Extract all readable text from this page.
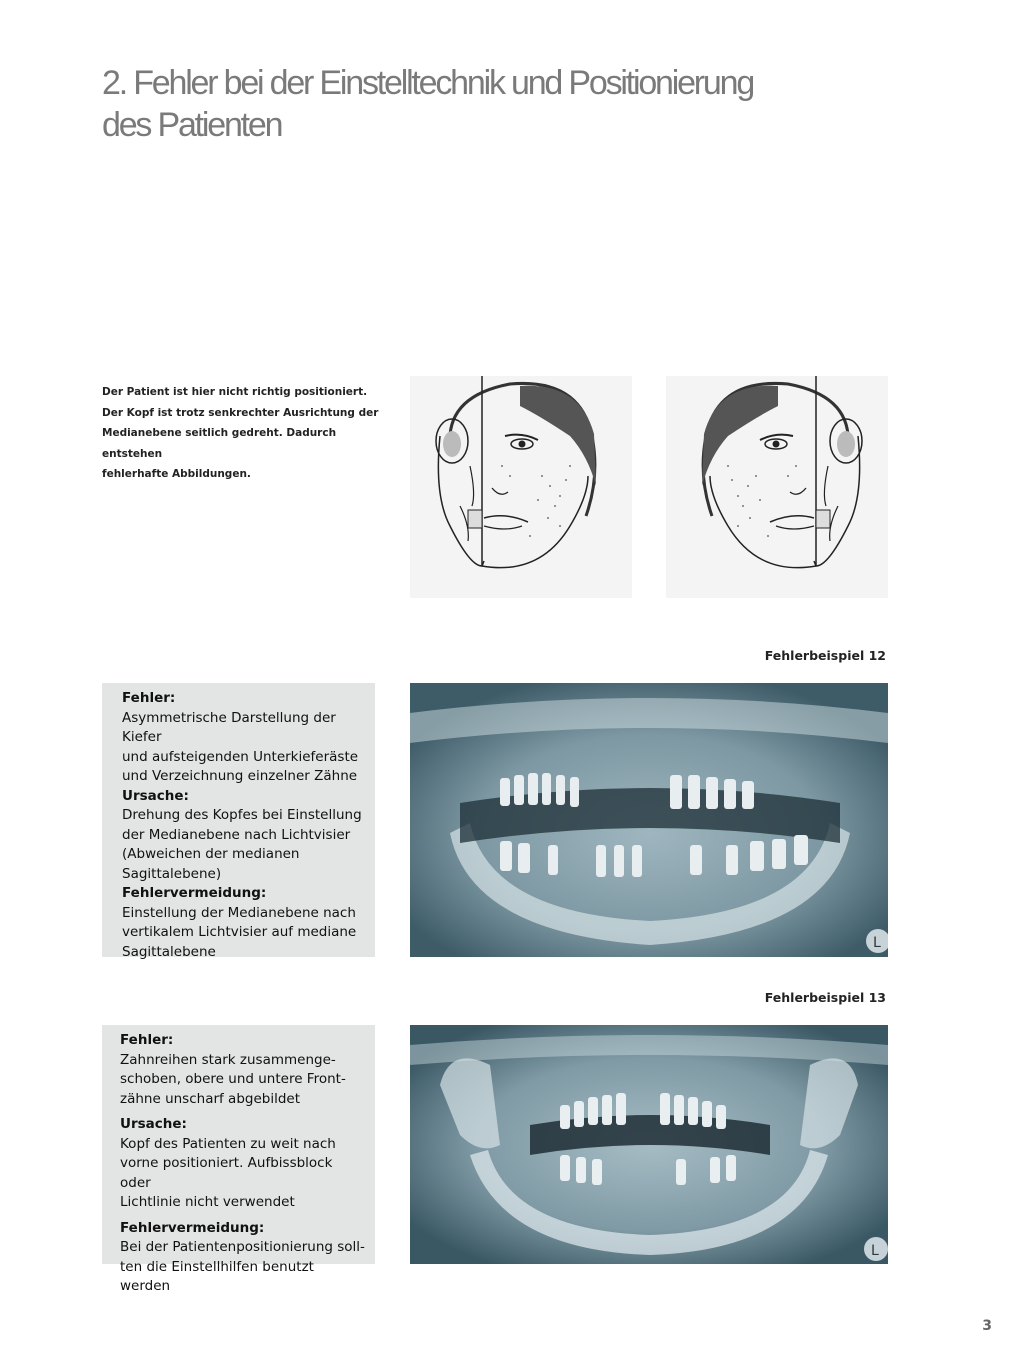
2. Fehler bei der Einstelltechnik und Positionierung
des Patienten
Der Patient ist hier nicht richtig positioniert.
Der Kopf ist trotz senkrechter Ausrichtung der
Medianebene seitlich gedreht. Dadurch entstehen
fehlerhafte Abbildungen.
Fehlerbeispiel 12
Fehler:
Asymmetrische Darstellung der Kiefer
und aufsteigenden Unterkieferäste
und Verzeichnung einzelner Zähne
Ursache:
Drehung des Kopfes bei Einstellung
der Medianebene nach Lichtvisier
(Abweichen der medianen
Sagittalebene)
Fehlervermeidung:
Einstellung der Medianebene nach
vertikalem Lichtvisier auf mediane
Sagittalebene
L
Fehlerbeispiel 13
Fehler:
Zahnreihen stark zusammenge-
schoben, obere und untere Front-
zähne unscharf abgebildet
Ursache:
Kopf des Patienten zu weit nach
vorne positioniert. Aufbissblock oder
Lichtlinie nicht verwendet
Fehlervermeidung:
Bei der Patientenpositionierung soll-
ten die Einstellhilfen benutzt werden
L
3
